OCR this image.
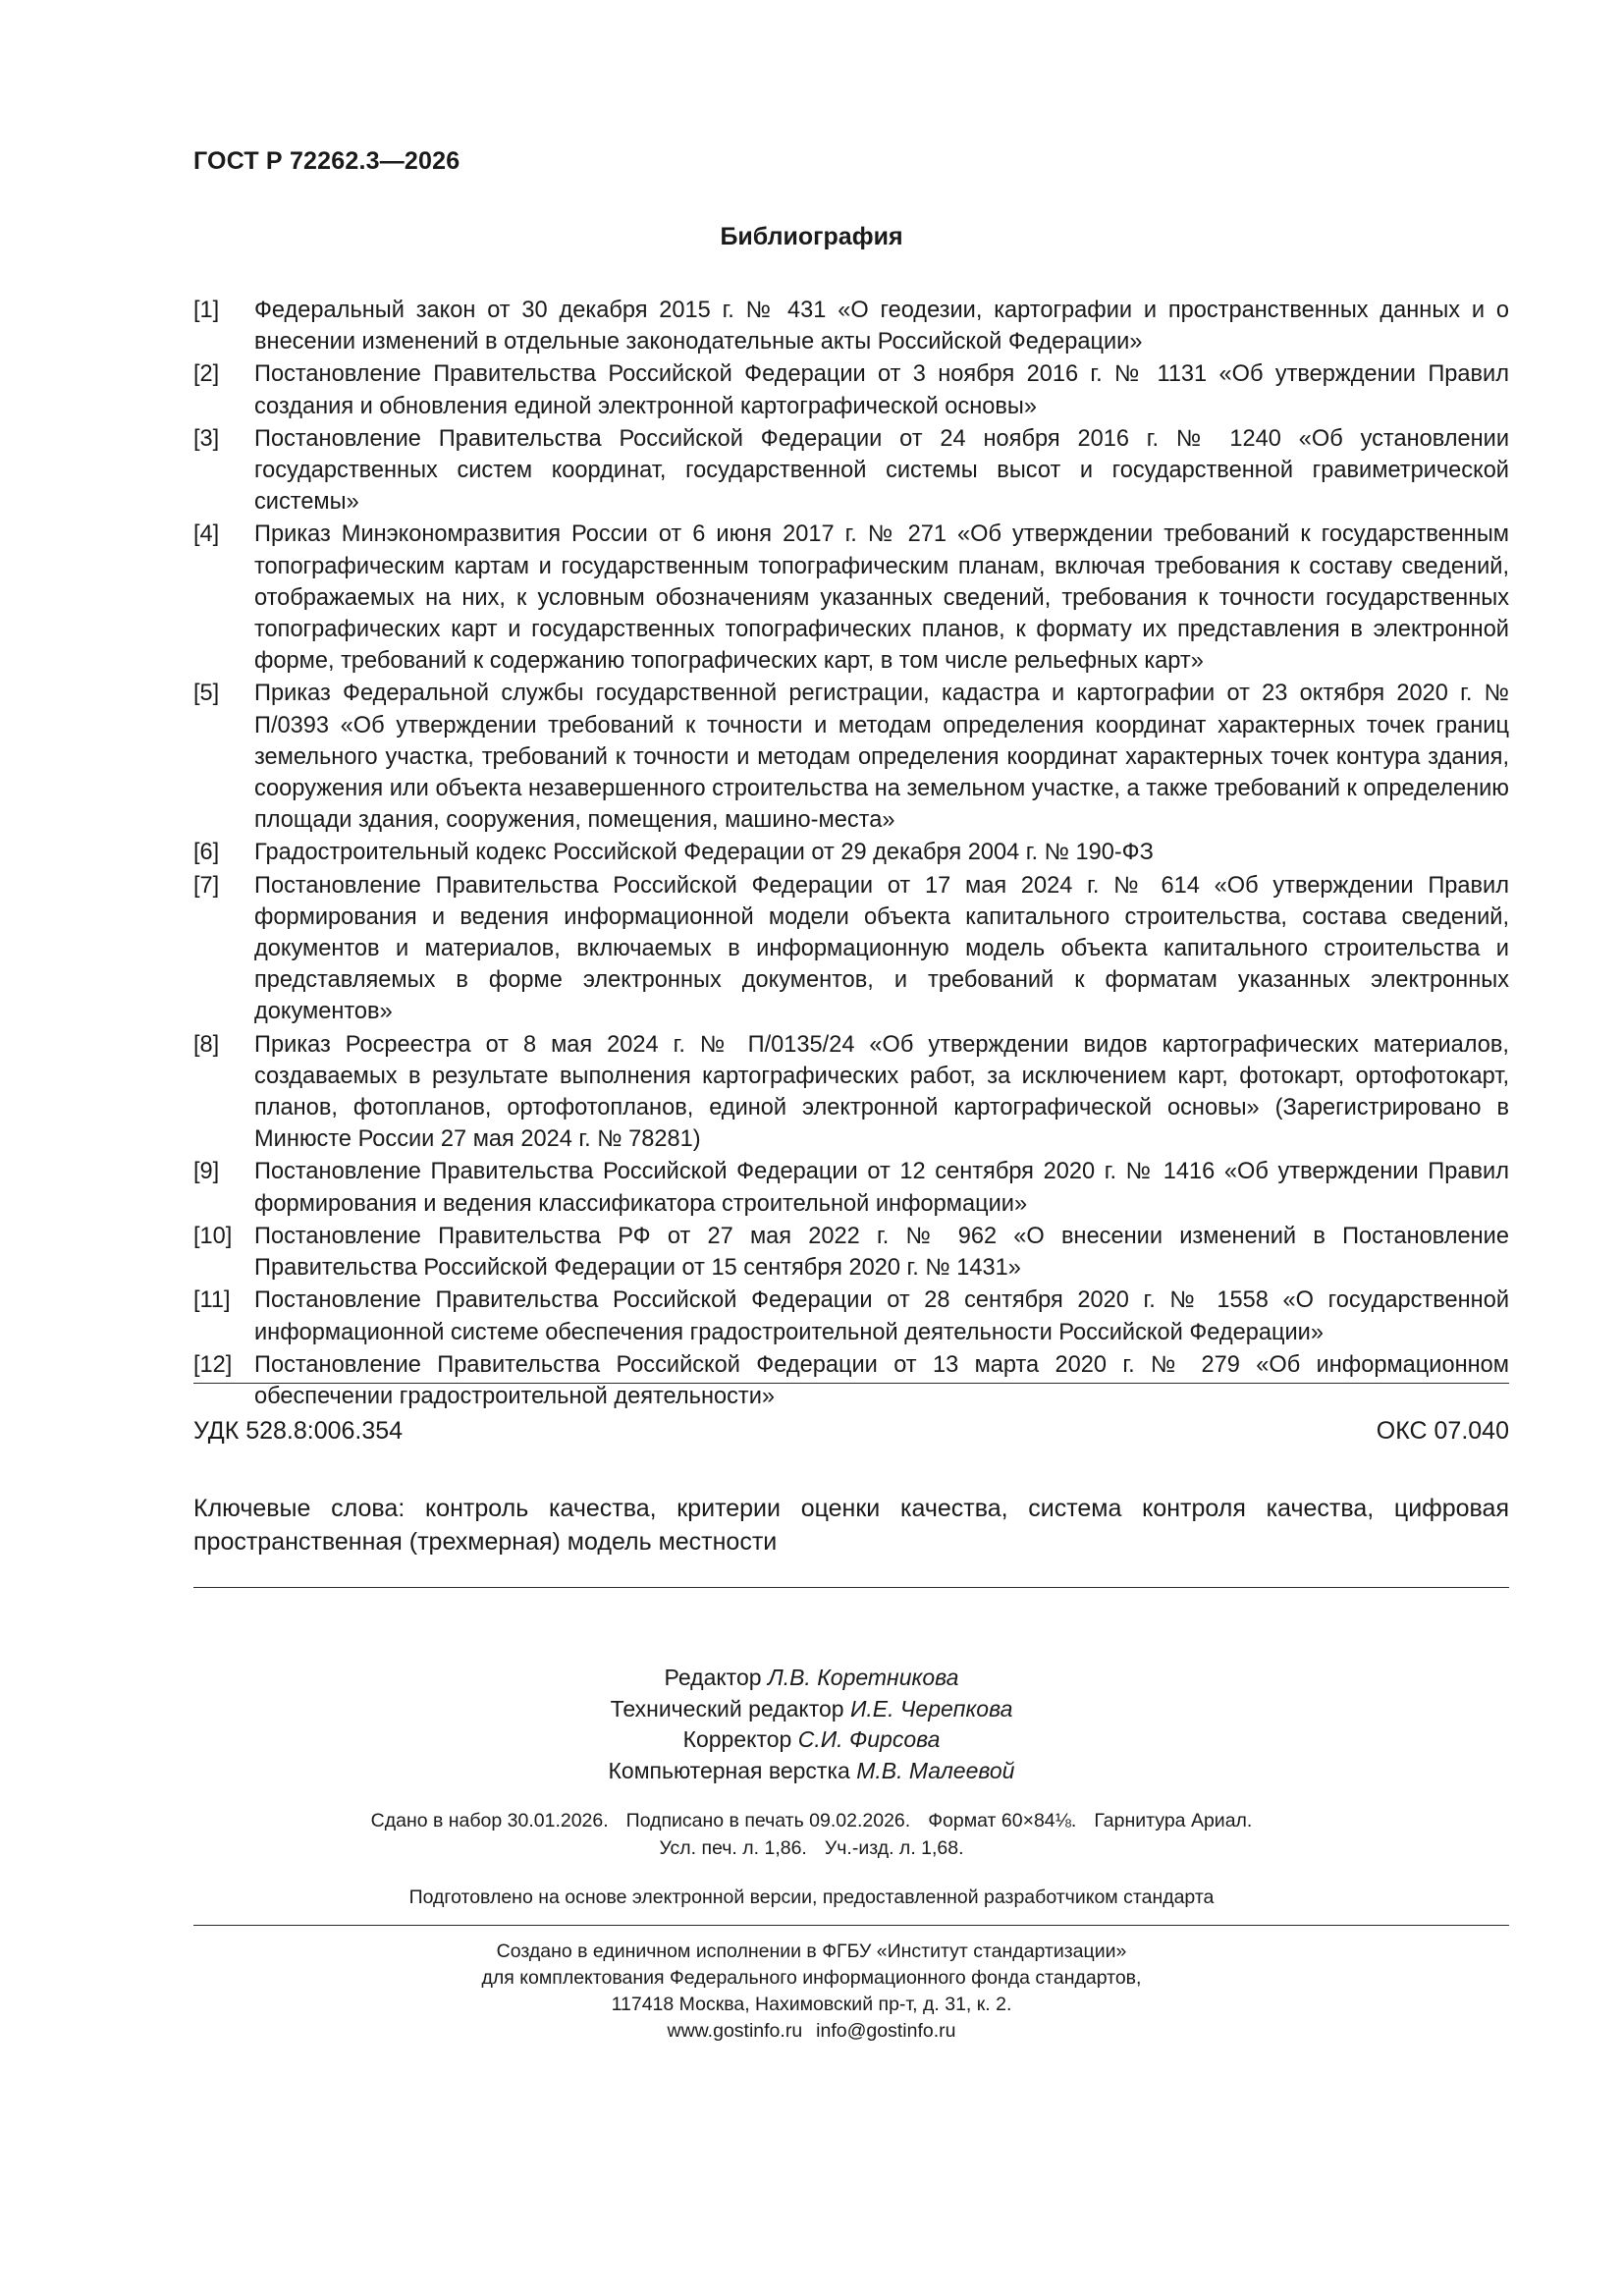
ГОСТ Р 72262.3—2026
Библиография
[1]	Федеральный закон от 30 декабря 2015 г. № 431 «О геодезии, картографии и пространственных данных и о внесении изменений в отдельные законодательные акты Российской Федерации»
[2]	Постановление Правительства Российской Федерации от 3 ноября 2016 г. № 1131 «Об утверждении Правил создания и обновления единой электронной картографической основы»
[3]	Постановление Правительства Российской Федерации от 24 ноября 2016 г. № 1240 «Об установлении государственных систем координат, государственной системы высот и государственной гравиметрической системы»
[4]	Приказ Минэкономразвития России от 6 июня 2017 г. № 271 «Об утверждении требований к государственным топографическим картам и государственным топографическим планам, включая требования к составу сведений, отображаемых на них, к условным обозначениям указанных сведений, требования к точности государственных топографических карт и государственных топографических планов, к формату их представления в электронной форме, требований к содержанию топографических карт, в том числе рельефных карт»
[5]	Приказ Федеральной службы государственной регистрации, кадастра и картографии от 23 октября 2020 г. № П/0393 «Об утверждении требований к точности и методам определения координат характерных точек границ земельного участка, требований к точности и методам определения координат характерных точек контура здания, сооружения или объекта незавершенного строительства на земельном участке, а также требований к определению площади здания, сооружения, помещения, машино-места»
[6]	Градостроительный кодекс Российской Федерации от 29 декабря 2004 г. № 190-ФЗ
[7]	Постановление Правительства Российской Федерации от 17 мая 2024 г. № 614 «Об утверждении Правил формирования и ведения информационной модели объекта капитального строительства, состава сведений, документов и материалов, включаемых в информационную модель объекта капитального строительства и представляемых в форме электронных документов, и требований к форматам указанных электронных документов»
[8]	Приказ Росреестра от 8 мая 2024 г. № П/0135/24 «Об утверждении видов картографических материалов, создаваемых в результате выполнения картографических работ, за исключением карт, фотокарт, ортофотокарт, планов, фотопланов, ортофотопланов, единой электронной картографической основы» (Зарегистрировано в Минюсте России 27 мая 2024 г. № 78281)
[9]	Постановление Правительства Российской Федерации от 12 сентября 2020 г. № 1416 «Об утверждении Правил формирования и ведения классификатора строительной информации»
[10] Постановление Правительства РФ от 27 мая 2022 г. № 962 «О внесении изменений в Постановление Правительства Российской Федерации от 15 сентября 2020 г. № 1431»
[11]	Постановление Правительства Российской Федерации от 28 сентября 2020 г. № 1558 «О государственной информационной системе обеспечения градостроительной деятельности Российской Федерации»
[12] Постановление Правительства Российской Федерации от 13 марта 2020 г. № 279 «Об информационном обеспечении градостроительной деятельности»
УДК 528.8:006.354	ОКС 07.040
Ключевые слова: контроль качества, критерии оценки качества, система контроля качества, цифровая пространственная (трехмерная) модель местности
Редактор Л.В. Коретникова
Технический редактор И.Е. Черепкова
Корректор С.И. Фирсова
Компьютерная верстка М.В. Малеевой
Сдано в набор 30.01.2026. Подписано в печать 09.02.2026. Формат 60×84⅛. Гарнитура Ариал.
Усл. печ. л. 1,86. Уч.-изд. л. 1,68.
Подготовлено на основе электронной версии, предоставленной разработчиком стандарта
Создано в единичном исполнении в ФГБУ «Институт стандартизации»
для комплектования Федерального информационного фонда стандартов,
117418 Москва, Нахимовский пр-т, д. 31, к. 2.
www.gostinfo.ru info@gostinfo.ru
